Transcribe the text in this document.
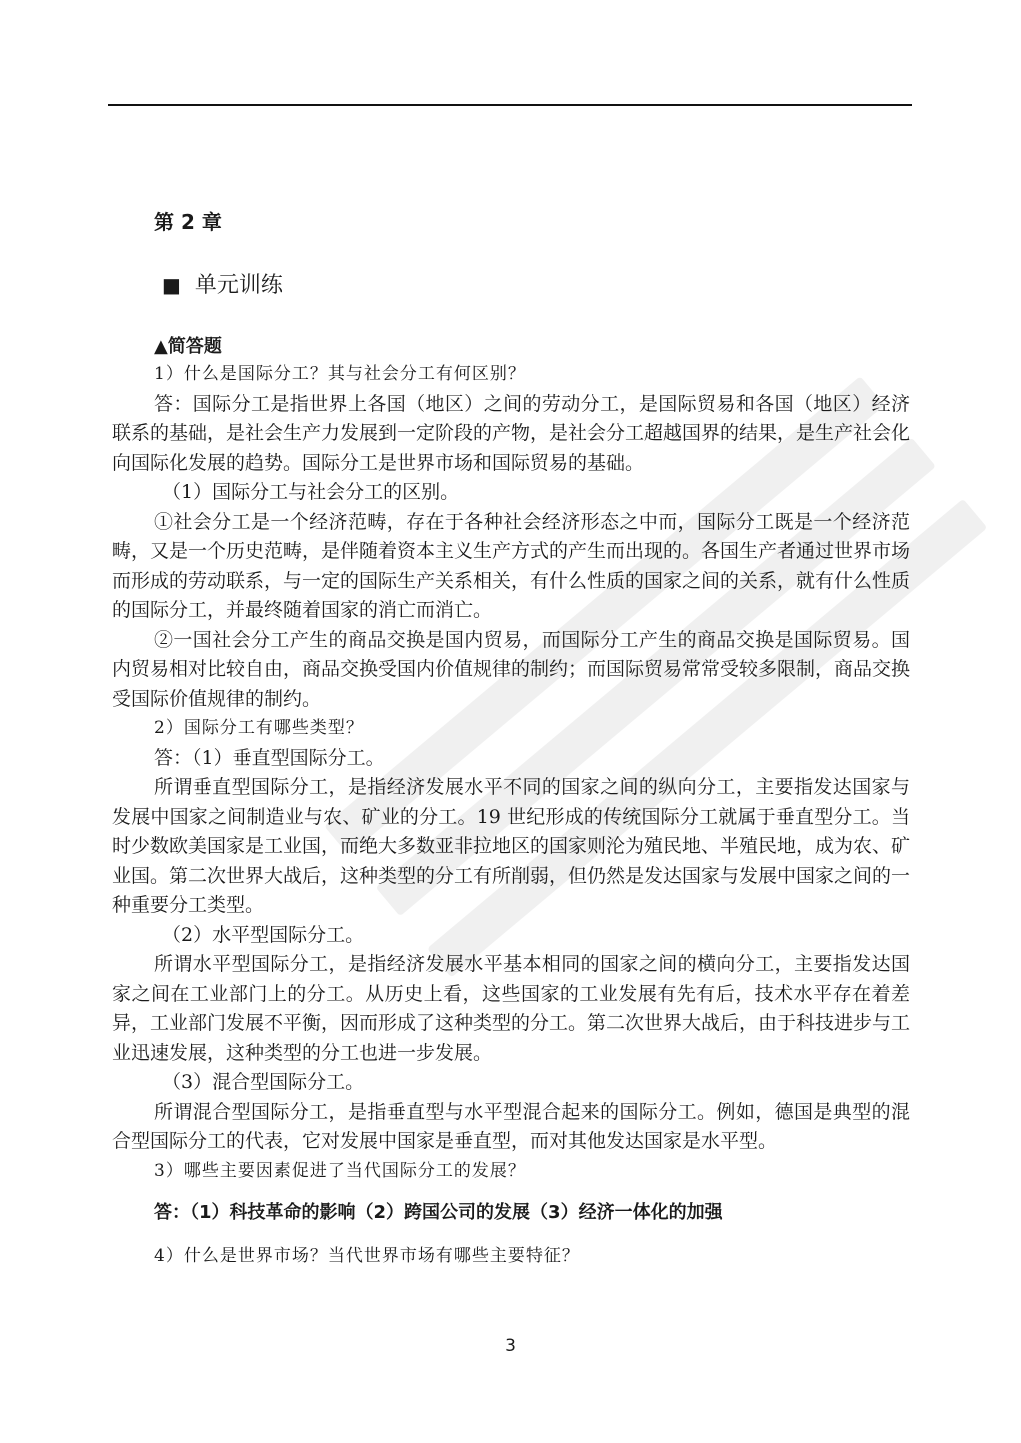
第 2 章
■ 单元训练
▲简答题

1）什么是国际分工？其与社会分工有何区别？

答：国际分工是指世界上各国（地区）之间的劳动分工，是国际贸易和各国（地区）经济联系的基础，是社会生产力发展到一定阶段的产物，是社会分工超越国界的结果，是生产社会化向国际化发展的趋势。国际分工是世界市场和国际贸易的基础。

（1）国际分工与社会分工的区别。

①社会分工是一个经济范畴，存在于各种社会经济形态之中而，国际分工既是一个经济范畴，又是一个历史范畴，是伴随着资本主义生产方式的产生而出现的。各国生产者通过世界市场而形成的劳动联系，与一定的国际生产关系相关，有什么性质的国家之间的关系，就有什么性质的国际分工，并最终随着国家的消亡而消亡。

②一国社会分工产生的商品交换是国内贸易，而国际分工产生的商品交换是国际贸易。国内贸易相对比较自由，商品交换受国内价值规律的制约；而国际贸易常常受较多限制，商品交换受国际价值规律的制约。

2）国际分工有哪些类型？

答：（1）垂直型国际分工。

所谓垂直型国际分工，是指经济发展水平不同的国家之间的纵向分工，主要指发达国家与发展中国家之间制造业与农、矿业的分工。19 世纪形成的传统国际分工就属于垂直型分工。当时少数欧美国家是工业国，而绝大多数亚非拉地区的国家则沦为殖民地、半殖民地，成为农、矿业国。第二次世界大战后，这种类型的分工有所削弱，但仍然是发达国家与发展中国家之间的一种重要分工类型。

（2）水平型国际分工。

所谓水平型国际分工，是指经济发展水平基本相同的国家之间的横向分工，主要指发达国家之间在工业部门上的分工。从历史上看，这些国家的工业发展有先有后，技术水平存在着差异，工业部门发展不平衡，因而形成了这种类型的分工。第二次世界大战后，由于科技进步与工业迅速发展，这种类型的分工也进一步发展。

（3）混合型国际分工。

所谓混合型国际分工，是指垂直型与水平型混合起来的国际分工。例如，德国是典型的混合型国际分工的代表，它对发展中国家是垂直型，而对其他发达国家是水平型。

3）哪些主要因素促进了当代国际分工的发展？

答：（1）科技革命的影响（2）跨国公司的发展（3）经济一体化的加强

4）什么是世界市场？当代世界市场有哪些主要特征？

3
